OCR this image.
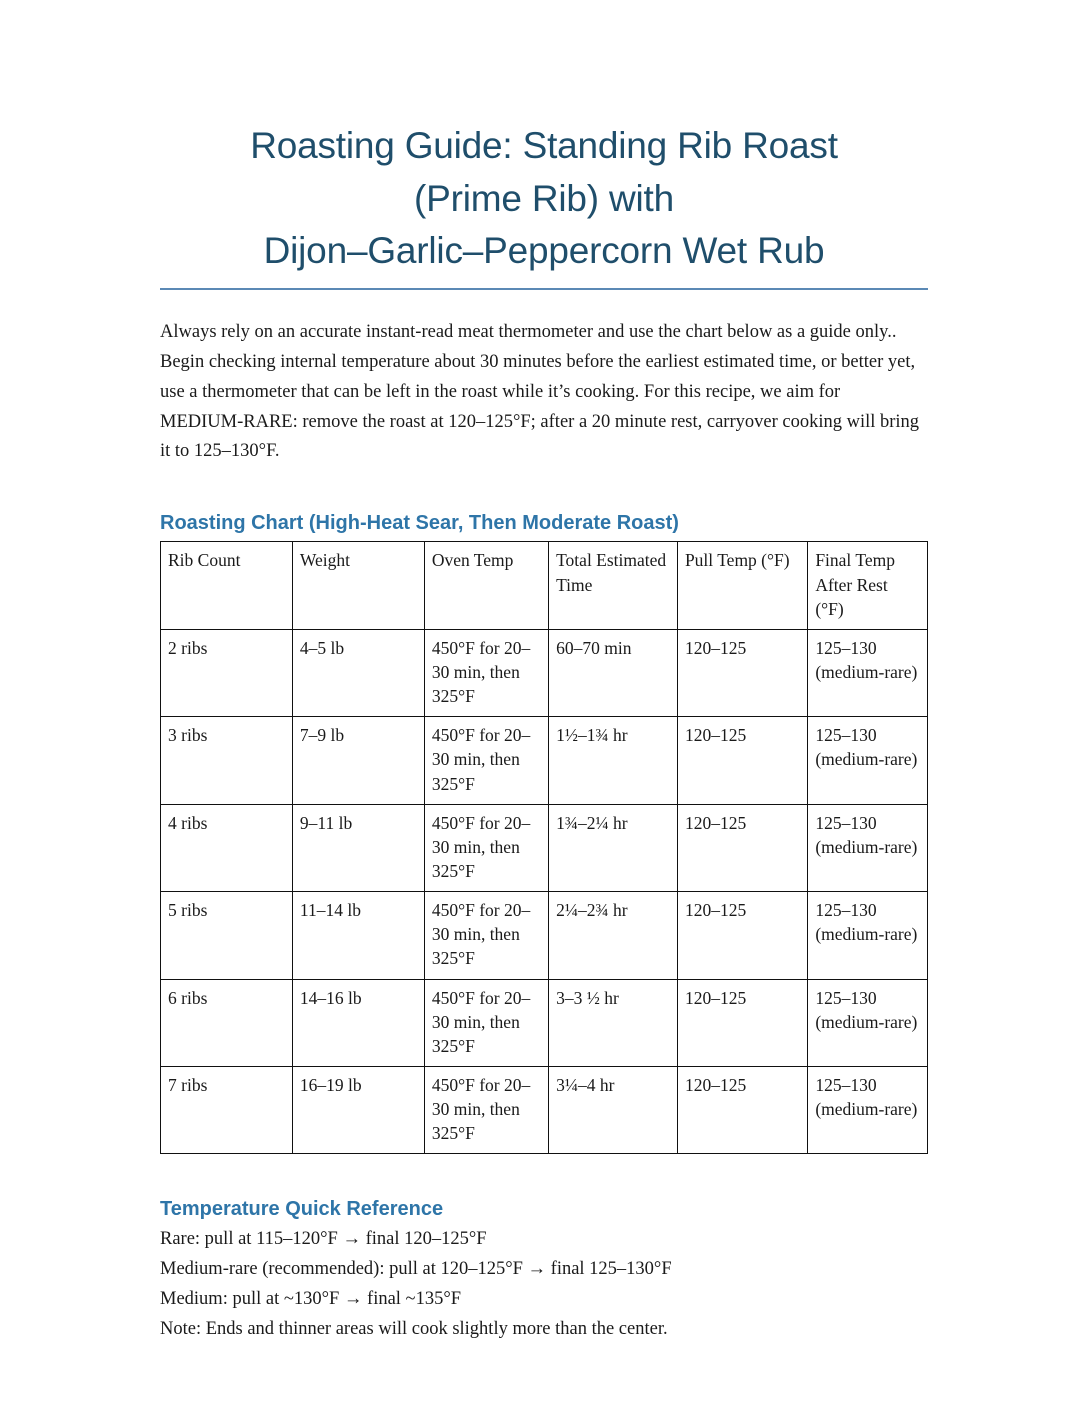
Roasting Guide: Standing Rib Roast
(Prime Rib) with
Dijon–Garlic–Peppercorn Wet Rub

Always rely on an accurate instant-read meat thermometer and use the chart below as a guide only.. Begin checking internal temperature about 30 minutes before the earliest estimated time, or better yet, use a thermometer that can be left in the roast while it’s cooking. For this recipe, we aim for MEDIUM-RARE: remove the roast at 120–125°F; after a 20 minute rest, carryover cooking will bring it to 125–130°F.

Roasting Chart (High-Heat Sear, Then Moderate Roast)
Rib Count	Weight	Oven Temp	Total Estimated Time	Pull Temp (°F)	Final Temp After Rest (°F)
2 ribs	4–5 lb	450°F for 20–30 min, then 325°F	60–70 min	120–125	125–130 (medium-rare)
3 ribs	7–9 lb	450°F for 20–30 min, then 325°F	1½–1¾ hr	120–125	125–130 (medium-rare)
4 ribs	9–11 lb	450°F for 20–30 min, then 325°F	1¾–2¼ hr	120–125	125–130 (medium-rare)
5 ribs	11–14 lb	450°F for 20–30 min, then 325°F	2¼–2¾ hr	120–125	125–130 (medium-rare)
6 ribs	14–16 lb	450°F for 20–30 min, then 325°F	3–3 ½ hr	120–125	125–130 (medium-rare)
7 ribs	16–19 lb	450°F for 20–30 min, then 325°F	3¼–4 hr	120–125	125–130 (medium-rare)
Temperature Quick Reference

Rare: pull at 115–120°F → final 120–125°F

Medium-rare (recommended): pull at 120–125°F → final 125–130°F

Medium: pull at ~130°F → final ~135°F

Note: Ends and thinner areas will cook slightly more than the center.
